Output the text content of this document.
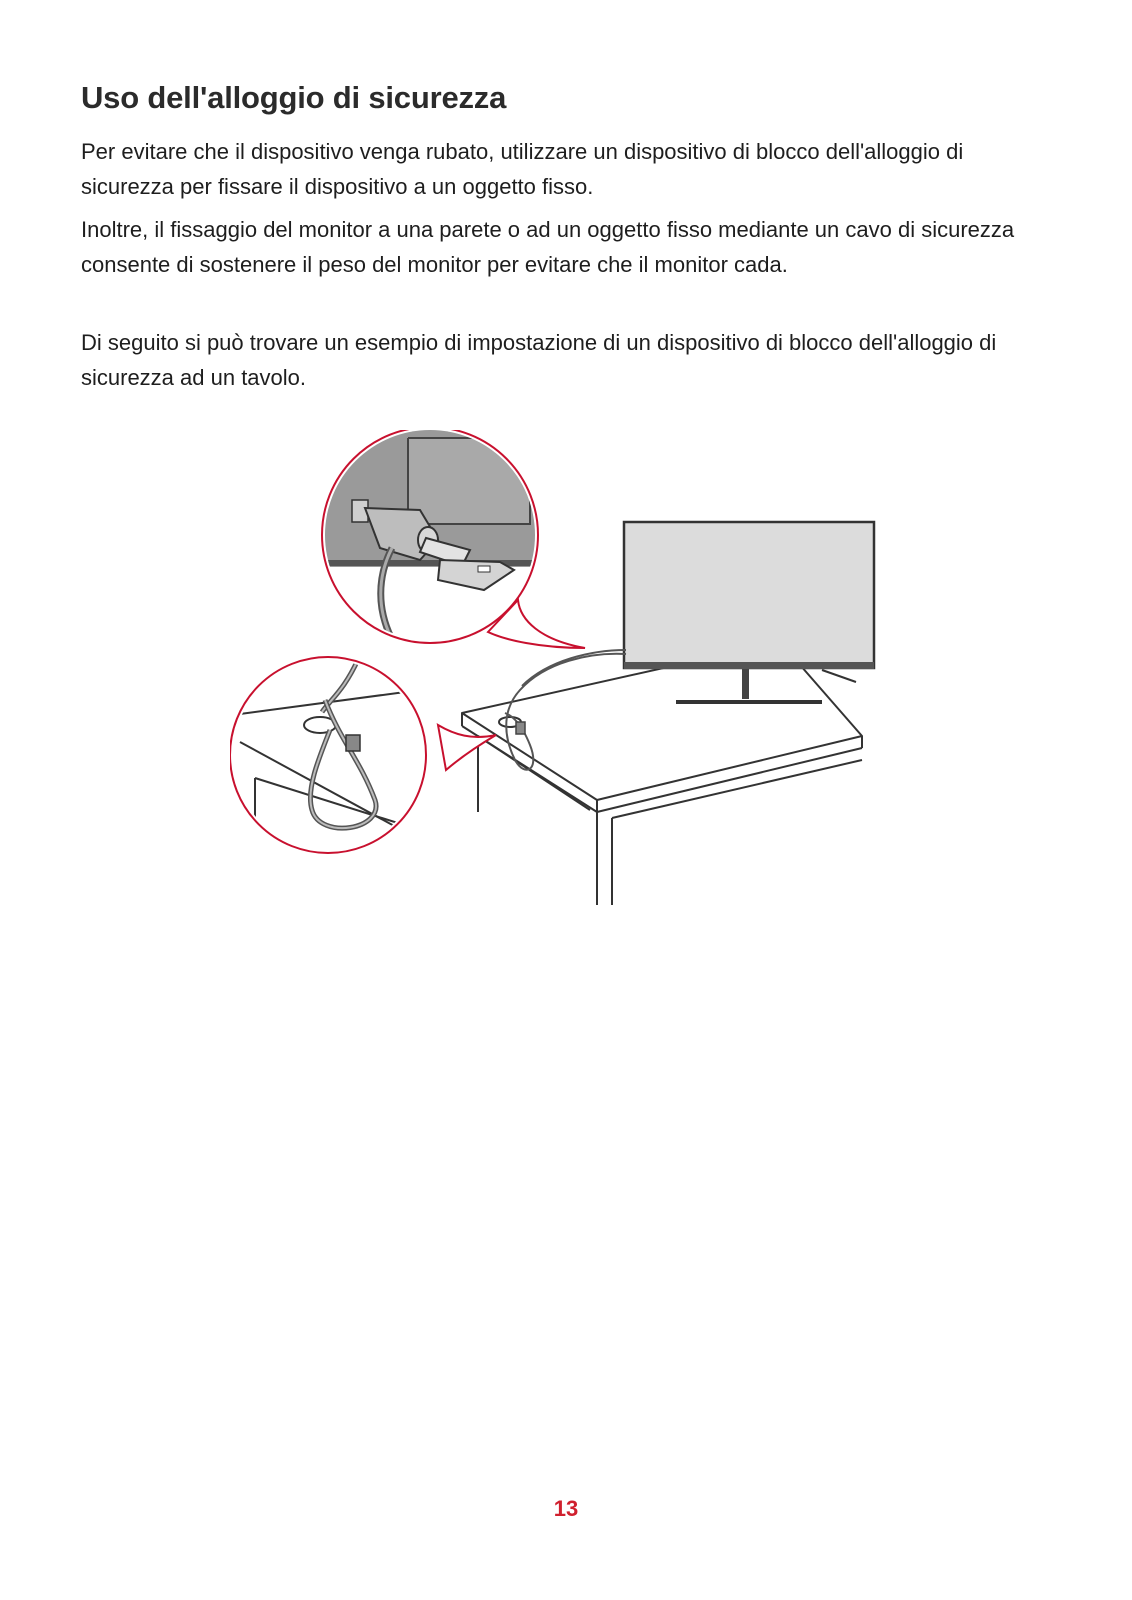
Uso dell'alloggio di sicurezza

Per evitare che il dispositivo venga rubato, utilizzare un dispositivo di blocco dell'alloggio di sicurezza per fissare il dispositivo a un oggetto fisso.

Inoltre, il fissaggio del monitor a una parete o ad un oggetto fisso mediante un cavo di sicurezza consente di sostenere il peso del monitor per evitare che il monitor cada.

Di seguito si può trovare un esempio di impostazione di un dispositivo di blocco dell'alloggio di sicurezza ad un tavolo.

13
